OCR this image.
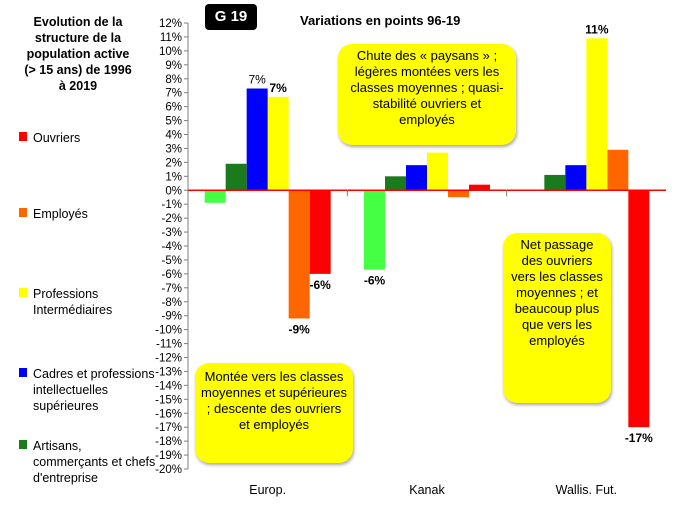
Evolution de la structure de la population active (> 15 ans) de 1996 à 2019
Ouvriers
Employés
Professions Intermédiaires
Cadres et professions intellectuelles supérieures
Artisans, commerçants et chefs d'entreprise
G 19	Variations en points 96-19
12%
11%
10%
9%
8%
7%
6%
5%
4%
3%
2%
1%
0%
-1%
-2%
-3%
-4%
-5%
-6%
-7%
-8%
-9%
-10%
-11%
-12%
-13%
-14%
-15%
-16%
-17%
-18%
-19%
-20%
Europ.	Kanak	Wallis. Fut.
7%
7%
-6%
-9%
-6%
11%
-17%
Chute des « paysans » ; légères montées vers les classes moyennes ; quasi-stabilité ouvriers et employés
Montée vers les classes moyennes et supérieures ; descente des ouvriers et employés
Net passage des ouvriers vers les classes moyennes ; et beaucoup plus que vers les employés
